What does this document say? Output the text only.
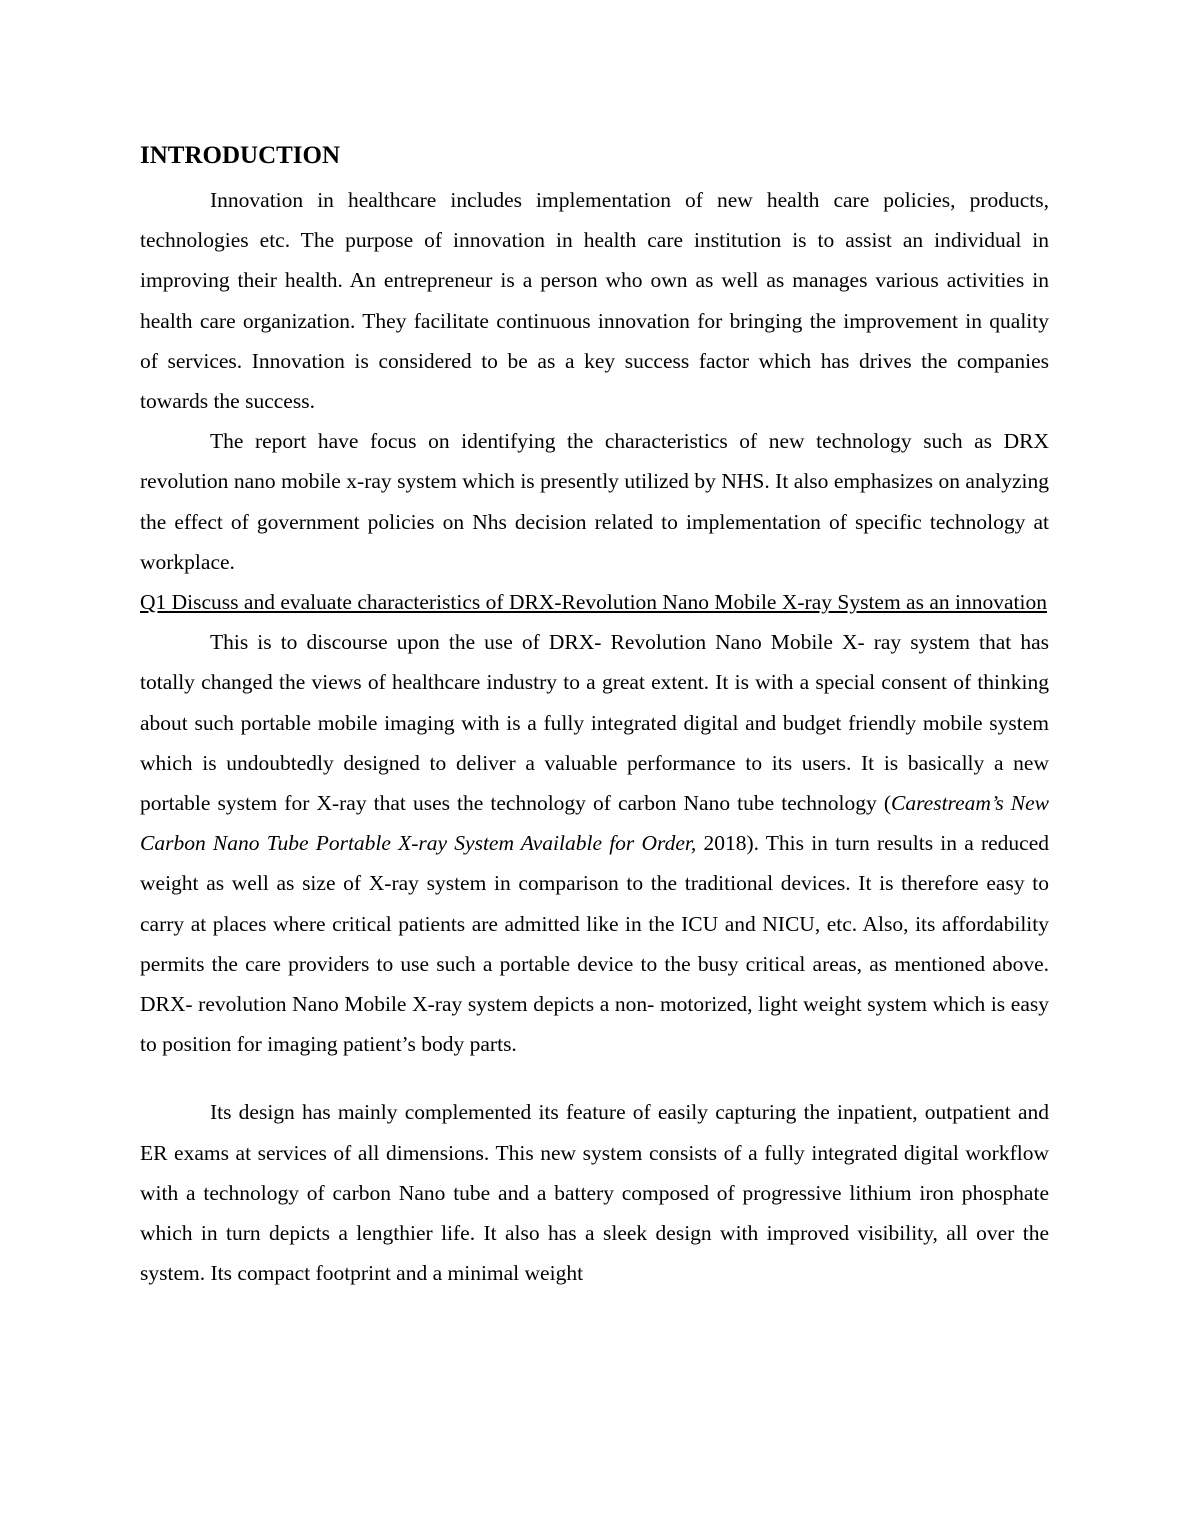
INTRODUCTION

Innovation in healthcare includes implementation of new health care policies, products, technologies etc. The purpose of innovation in health care institution is to assist an individual in improving their health. An entrepreneur is a person who own as well as manages various activities in health care organization. They facilitate continuous innovation for bringing the improvement in quality of services. Innovation is considered to be as a key success factor which has drives the companies towards the success.

The report have focus on identifying the characteristics of new technology such as DRX revolution nano mobile x-ray system which is presently utilized by NHS. It also emphasizes on analyzing the effect of government policies on Nhs decision related to implementation of specific technology at workplace.

Q1 Discuss and evaluate characteristics of DRX-Revolution Nano Mobile X-ray System as an innovation

This is to discourse upon the use of DRX- Revolution Nano Mobile X- ray system that has totally changed the views of healthcare industry to a great extent. It is with a special consent of thinking about such portable mobile imaging with is a fully integrated digital and budget friendly mobile system which is undoubtedly designed to deliver a valuable performance to its users. It is basically a new portable system for X-ray that uses the technology of carbon Nano tube technology (Carestream’s New Carbon Nano Tube Portable X-ray System Available for Order, 2018). This in turn results in a reduced weight as well as size of X-ray system in comparison to the traditional devices. It is therefore easy to carry at places where critical patients are admitted like in the ICU and NICU, etc. Also, its affordability permits the care providers to use such a portable device to the busy critical areas, as mentioned above. DRX- revolution Nano Mobile X-ray system depicts a non- motorized, light weight system which is easy to position for imaging patient’s body parts.

Its design has mainly complemented its feature of easily capturing the inpatient, outpatient and ER exams at services of all dimensions. This new system consists of a fully integrated digital workflow with a technology of carbon Nano tube and a battery composed of progressive lithium iron phosphate which in turn depicts a lengthier life. It also has a sleek design with improved visibility, all over the system. Its compact footprint and a minimal weight
